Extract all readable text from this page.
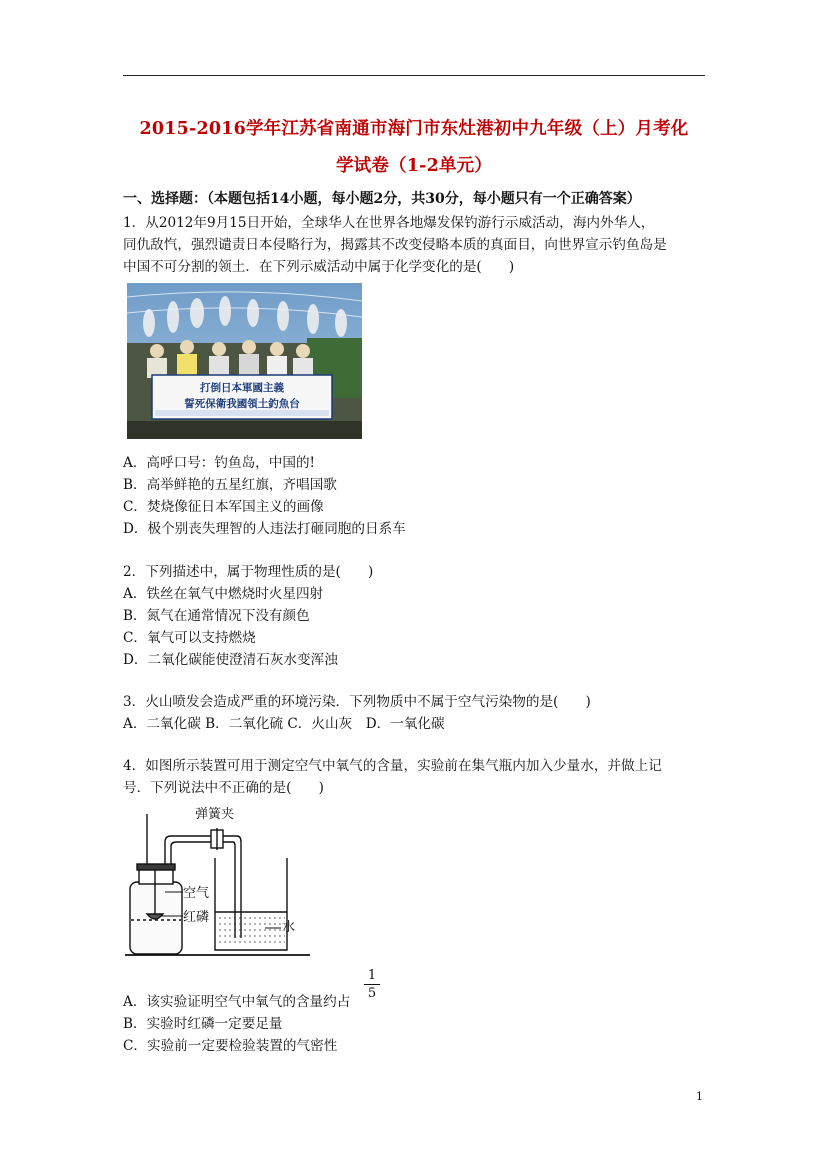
2015-2016学年江苏省南通市海门市东灶港初中九年级（上）月考化
学试卷（1-2单元）
一、选择题：（本题包括14小题，每小题2分，共30分，每小题只有一个正确答案）
1．从2012年9月15日开始，全球华人在世界各地爆发保钓游行示威活动，海内外华人，
同仇敌忾，强烈谴责日本侵略行为，揭露其不改变侵略本质的真面目，向世界宣示钓鱼岛是
中国不可分割的领土．在下列示威活动中属于化学变化的是(　　)
打倒日本軍國主義
誓死保衛我國領土釣魚台
A．高呼口号：钓鱼岛，中国的!
B．高举鲜艳的五星红旗，齐唱国歌
C．焚烧像征日本军国主义的画像
D．极个别丧失理智的人违法打砸同胞的日系车
2．下列描述中，属于物理性质的是(　　)
A．铁丝在氧气中燃烧时火星四射
B．氮气在通常情况下没有颜色
C．氧气可以支持燃烧
D．二氧化碳能使澄清石灰水变浑浊
3．火山喷发会造成严重的环境污染．下列物质中不属于空气污染物的是(　　)
A．二氧化碳 B．二氧化硫 C．火山灰　D．一氧化碳
4．如图所示装置可用于测定空气中氧气的含量，实验前在集气瓶内加入少量水，并做上记
号．下列说法中不正确的是(　　)
弹簧夹
空气
红磷
水
A．该实验证明空气中氧气的含量约占
1
5
B．实验时红磷一定要足量
C．实验前一定要检验装置的气密性
1
